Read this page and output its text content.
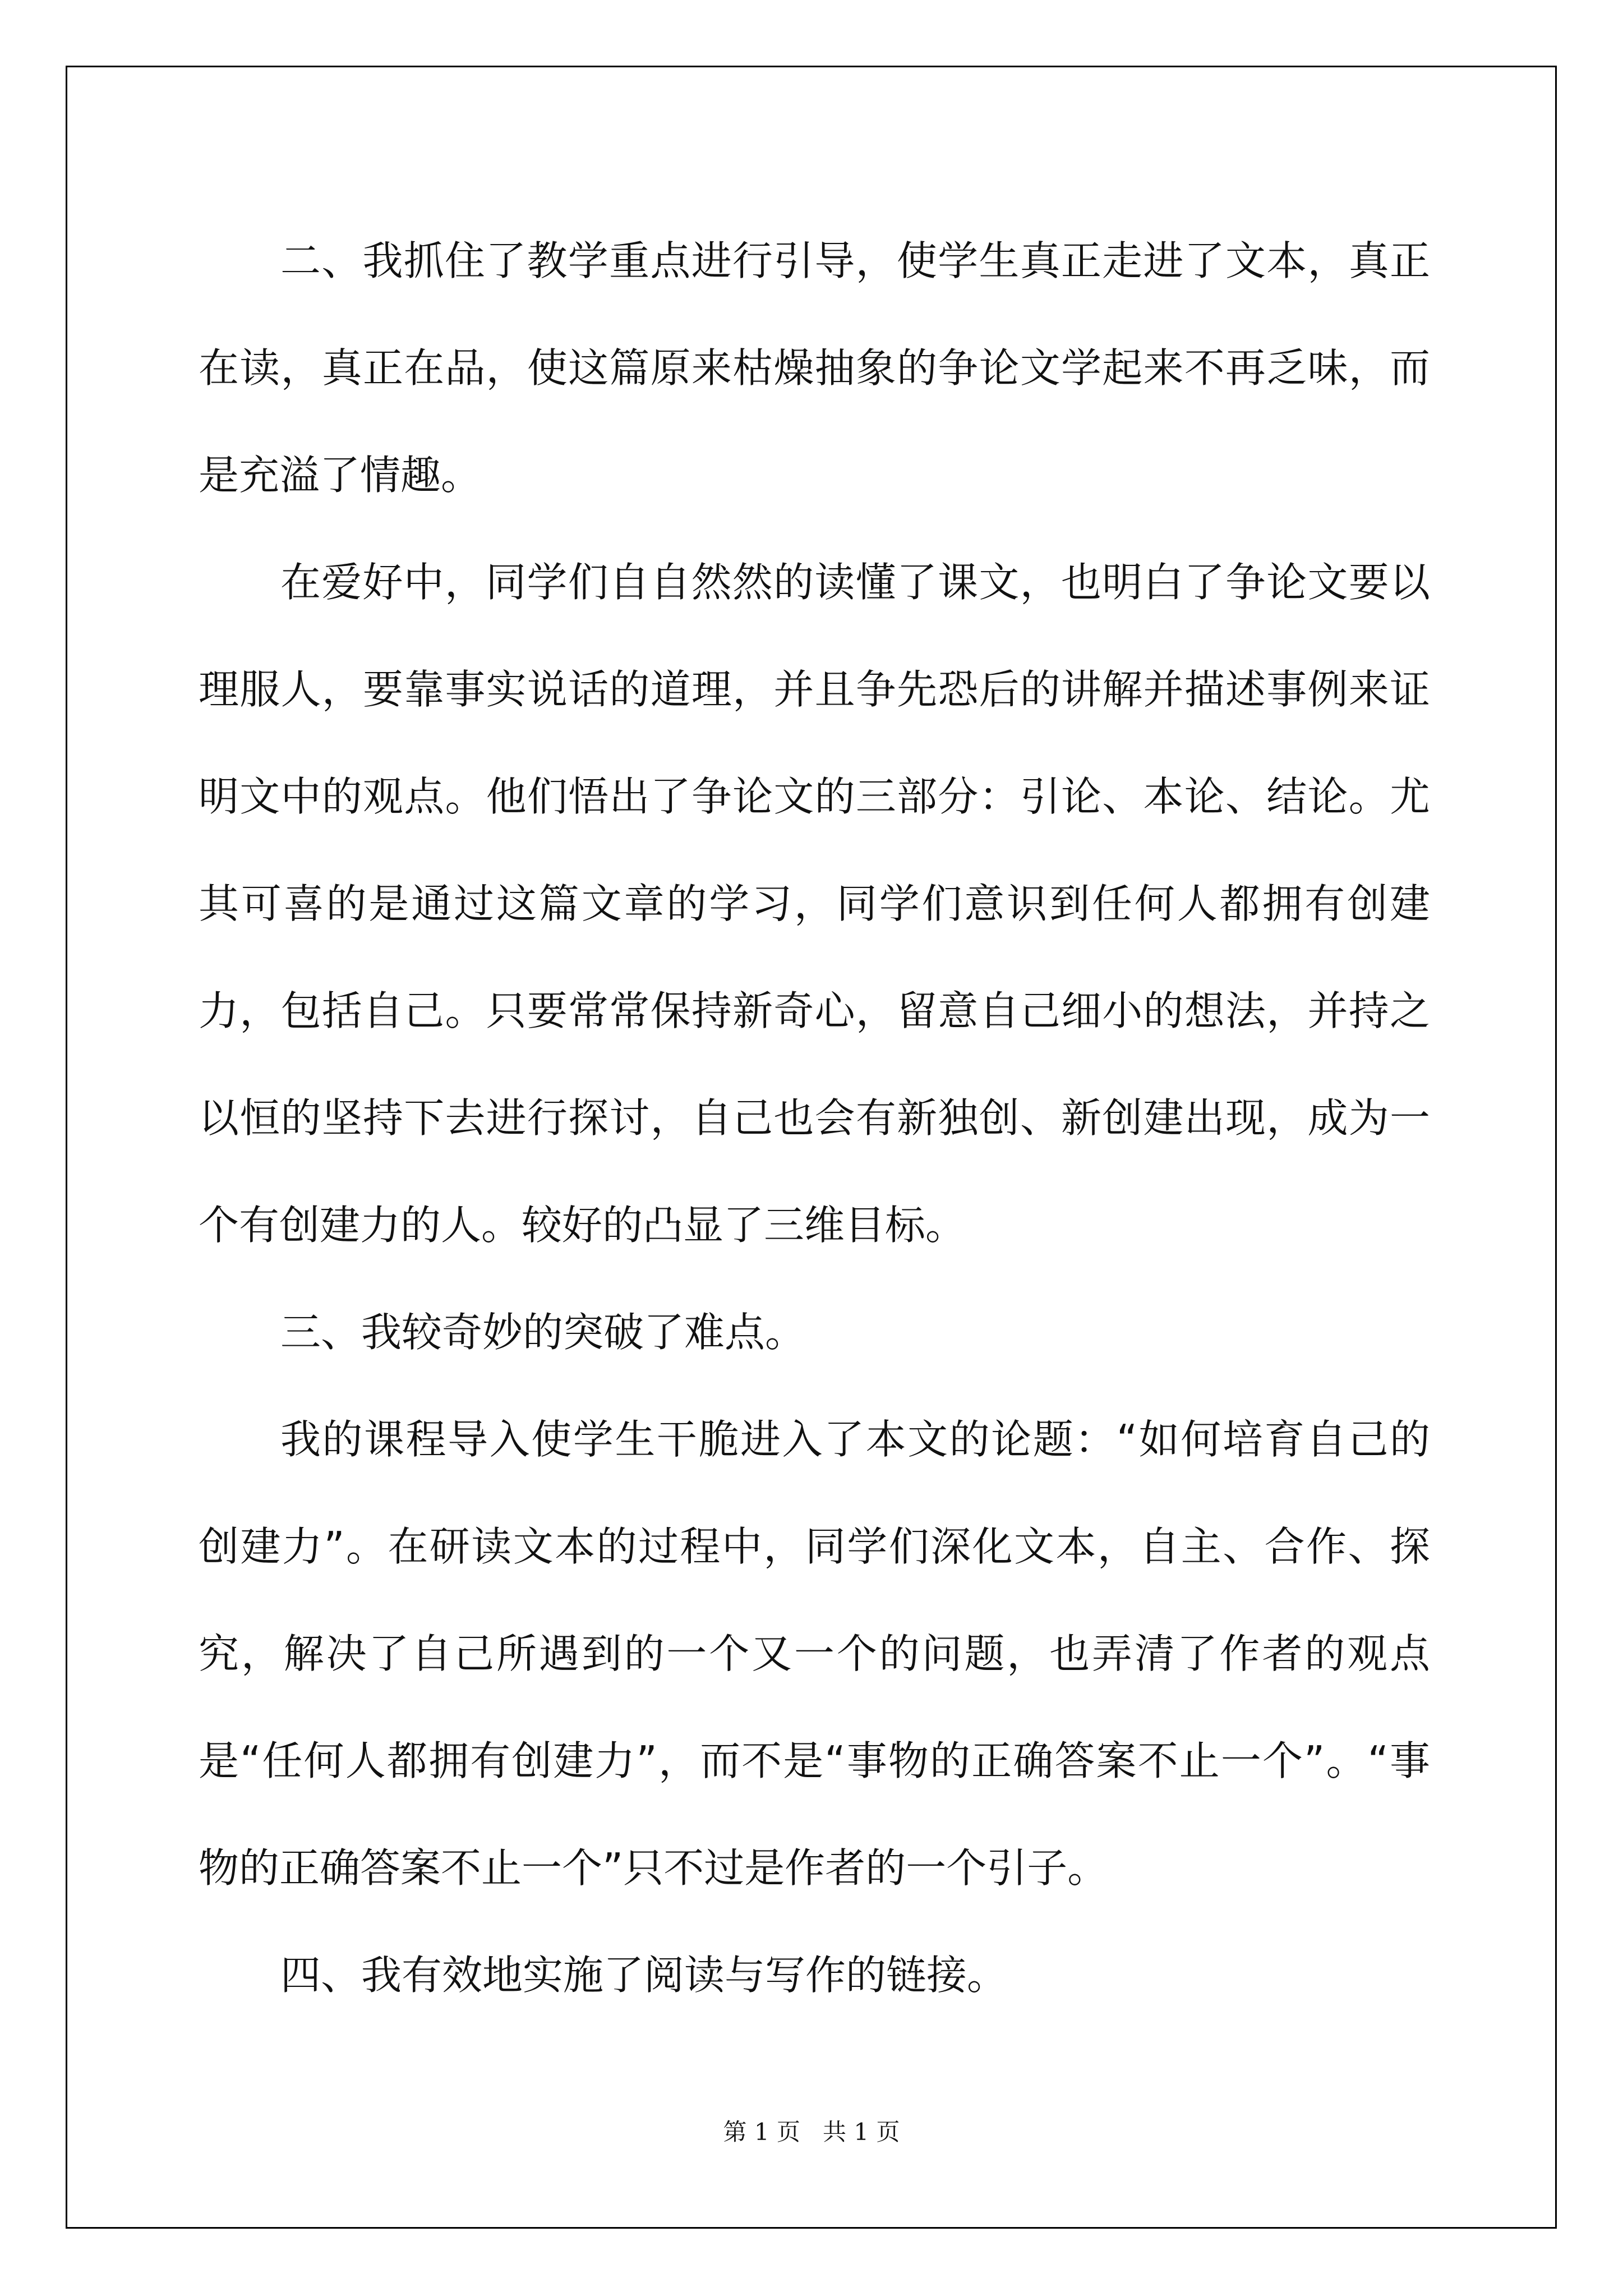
二、我抓住了教学重点进行引导，使学生真正走进了文本，真正在读，真正在品，使这篇原来枯燥抽象的争论文学起来不再乏味，而是充溢了情趣。

在爱好中，同学们自自然然的读懂了课文，也明白了争论文要以理服人，要靠事实说话的道理，并且争先恐后的讲解并描述事例来证明文中的观点。他们悟出了争论文的三部分：引论、本论、结论。尤其可喜的是通过这篇文章的学习，同学们意识到任何人都拥有创建力，包括自己。只要常常保持新奇心，留意自己细小的想法，并持之以恒的坚持下去进行探讨，自己也会有新独创、新创建出现，成为一个有创建力的人。较好的凸显了三维目标。

三、我较奇妙的突破了难点。

我的课程导入使学生干脆进入了本文的论题：“如何培育自己的创建力”。在研读文本的过程中，同学们深化文本，自主、合作、探究，解决了自己所遇到的一个又一个的问题，也弄清了作者的观点是“任何人都拥有创建力”，而不是“事物的正确答案不止一个”。“事物的正确答案不止一个”只不过是作者的一个引子。

四、我有效地实施了阅读与写作的链接。

第 1 页   共 1 页
